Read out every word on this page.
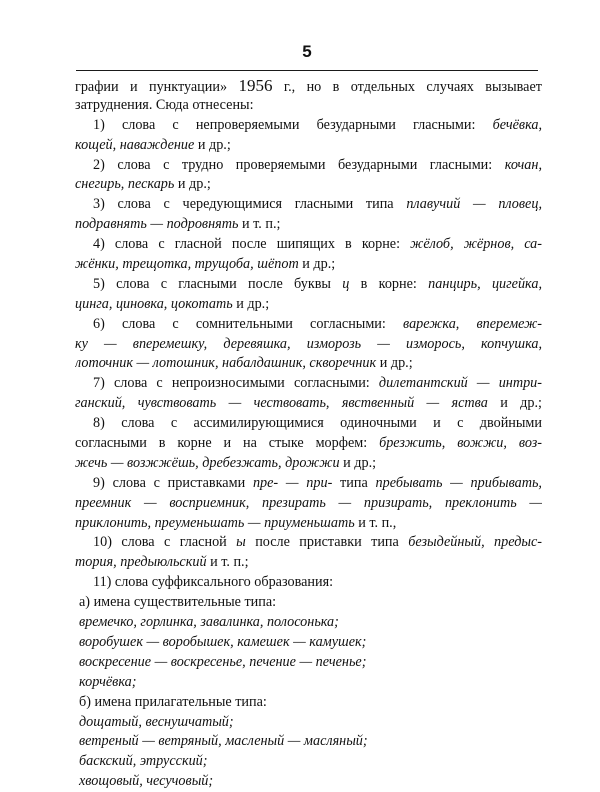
5
графии и пунктуации» 1956 г., но в отдельных случаях вызывает
затруднения. Сюда отнесены:
1) слова с непроверяемыми безударными гласными: бечёвка,
кощей, наваждение и др.;
2) слова с трудно проверяемыми безударными гласными: кочан,
снегирь, пескарь и др.;
3) слова с чередующимися гласными типа плавучий — пловец,
подравнять — подровнять и т. п.;
4) слова с гласной после шипящих в корне: жёлоб, жёрнов, са-
жёнки, трещотка, трущоба, шёпот и др.;
5) слова с гласными после буквы ц в корне: панцирь, цигейка,
цинга, циновка, цокотать и др.;
6) слова с сомнительными согласными: варежка, вперемеж-
ку — вперемешку, деревяшка, изморозь — изморось, копчушка,
лоточник — лотошник, набалдашник, скворечник и др.;
7) слова с непроизносимыми согласными: дилетантский — интри-
ганский, чувствовать — чествовать, явственный — яства и др.;
8) слова с ассимилирующимися одиночными и с двойными
согласными в корне и на стыке морфем: брезжить, вожжи, воз-
жечь — возжжёшь, дребезжать, дрожжи и др.;
9) слова с приставками пре- — при- типа пребывать — прибывать,
преемник — восприемник, презирать — призирать, преклонить —
приклонить, преуменьшать — приуменьшать и т. п.,
10) слова с гласной ы после приставки типа безыдейный, предыс-
тория, предыюльский и т. п.;
11) слова суффиксального образования:
а) имена существительные типа:
времечко, горлинка, завалинка, полосонька;
воробушек — воробышек, камешек — камушек;
воскресение — воскресенье, печение — печенье;
корчёвка;
б) имена прилагательные типа:
дощатый, веснушчатый;
ветреный — ветряный, масленый — масляный;
баскский, этрусский;
хвощовый, чесучовый;
